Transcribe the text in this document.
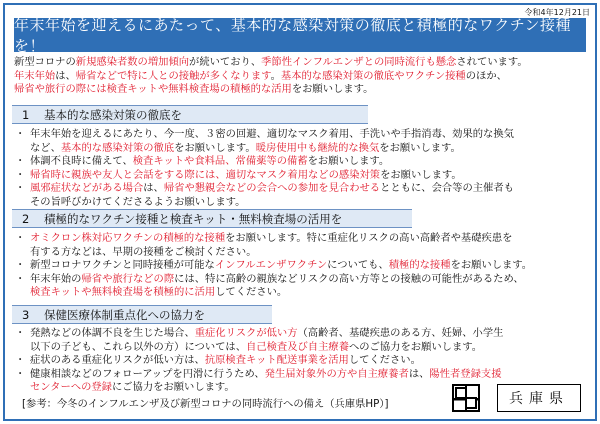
令和4年12月21日
年末年始を迎えるにあたって、基本的な感染対策の徹底と積極的なワクチン接種を！
新型コロナの新規感染者数の増加傾向が続いており、季節性インフルエンザとの同時流行も懸念されています。
年末年始は、帰省などで特に人との接触が多くなります。基本的な感染対策の徹底やワクチン接種のほか、
帰省や旅行の際には検査キットや無料検査場の積極的な活用をお願いします。
1	基本的な感染対策の徹底を
・ 年末年始を迎えるにあたり、今一度、３密の回避、適切なマスク着用、手洗いや手指消毒、効果的な換気
など、基本的な感染対策の徹底をお願いします。暖房使用中も継続的な換気をお願いします。
・ 体調不良時に備えて、検査キットや食料品、常備薬等の備蓄をお願いします。
・ 帰省時に親族や友人と会話をする際には、適切なマスク着用などの感染対策をお願いします。
・ 風邪症状などがある場合は、帰省や懇親会などの会合への参加を見合わせるとともに、会合等の主催者も
その旨呼びかけてくださるようお願いします。
2	積極的なワクチン接種と検査キット・無料検査場の活用を
・ オミクロン株対応ワクチンの積極的な接種をお願いします。特に重症化リスクの高い高齢者や基礎疾患を
有する方などは、早期の接種をご検討ください。
・ 新型コロナワクチンと同時接種が可能なインフルエンザワクチンについても、積極的な接種をお願いします。
・ 年末年始の帰省や旅行などの際には、特に高齢の親族などリスクの高い方等との接触の可能性があるため、
検査キットや無料検査場を積極的に活用してください。
3	保健医療体制重点化への協力を
・ 発熱などの体調不良を生じた場合、重症化リスクが低い方（高齢者、基礎疾患のある方、妊婦、小学生
以下の子ども、これら以外の方）については、自己検査及び自主療養へのご協力をお願いします。
・ 症状のある重症化リスクが低い方は、抗原検査キット配送事業を活用してください。
・ 健康相談などのフォローアップを円滑に行うため、発生届対象外の方や自主療養者は、陽性者登録支援
センターへの登録にご協力をお願いします。
[参考：今冬のインフルエンザ及び新型コロナの同時流行への備え（兵庫県HP）]	兵庫県
